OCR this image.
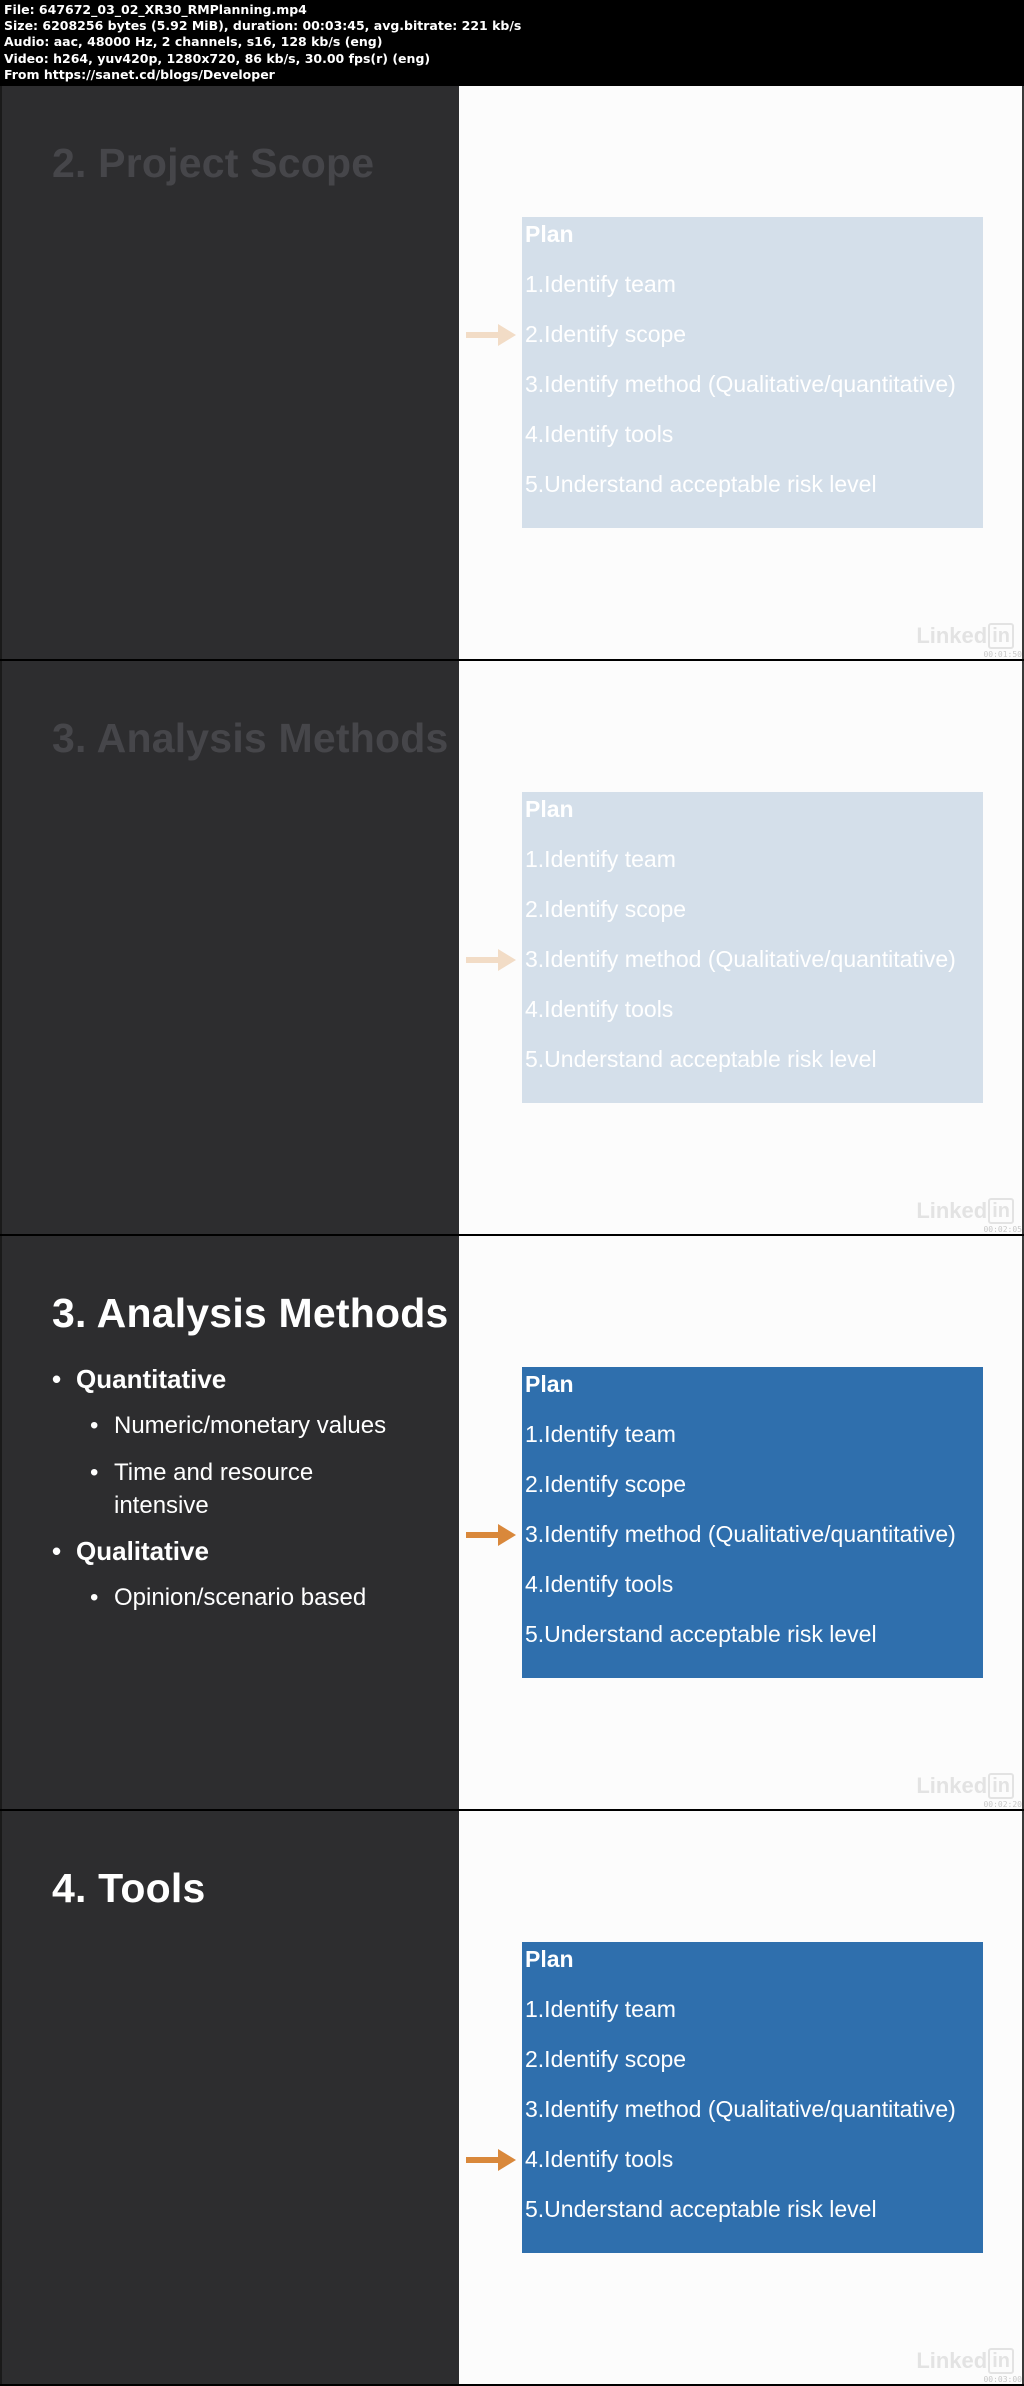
File: 647672_03_02_XR30_RMPlanning.mp4
Size: 6208256 bytes (5.92 MiB), duration: 00:03:45, avg.bitrate: 221 kb/s
Audio: aac, 48000 Hz, 2 channels, s16, 128 kb/s (eng)
Video: h264, yuv420p, 1280x720, 86 kb/s, 30.00 fps(r) (eng)
From https://sanet.cd/blogs/Developer
2. Project Scope
Plan
1.Identify team
2.Identify scope
3.Identify method (Qualitative/quantitative)
4.Identify tools
5.Understand acceptable risk level
Linked in
00:01:50
3. Analysis Methods
Plan
1.Identify team
2.Identify scope
3.Identify method (Qualitative/quantitative)
4.Identify tools
5.Understand acceptable risk level
Linked in
00:02:05
3. Analysis Methods
• Quantitative
• Numeric/monetary values
• Time and resource intensive
• Qualitative
• Opinion/scenario based
Plan
1.Identify team
2.Identify scope
3.Identify method (Qualitative/quantitative)
4.Identify tools
5.Understand acceptable risk level
Linked in
00:02:20
4. Tools
Plan
1.Identify team
2.Identify scope
3.Identify method (Qualitative/quantitative)
4.Identify tools
5.Understand acceptable risk level
Linked in
00:03:00
